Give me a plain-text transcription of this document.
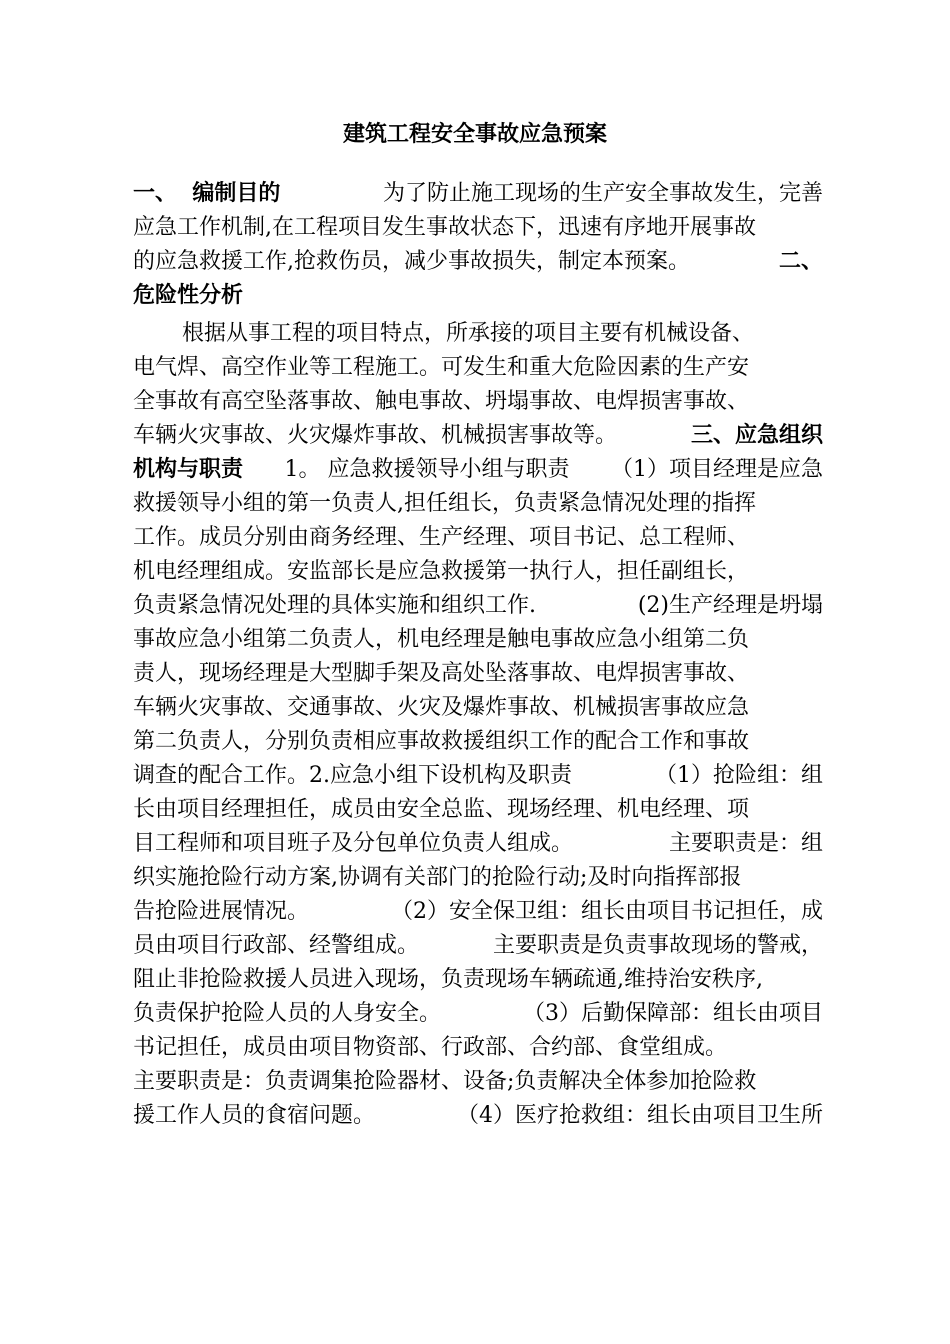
建筑工程安全事故应急预案
一、  编制目的	为了防止施工现场的生产安全事故发生，完善
应急工作机制,在工程项目发生事故状态下，迅速有序地开展事故
的应急救援工作,抢救伤员，减少事故损失，制定本预案。	二、
危险性分析
根据从事工程的项目特点，所承接的项目主要有机械设备、
电气焊、高空作业等工程施工。可发生和重大危险因素的生产安
全事故有高空坠落事故、触电事故、坍塌事故、电焊损害事故、
车辆火灾事故、火灾爆炸事故、机械损害事故等。	三、应急组织
机构与职责 1。 应急救援领导小组与职责 （1）项目经理是应急
救援领导小组的第一负责人,担任组长，负责紧急情况处理的指挥
工作。成员分别由商务经理、生产经理、项目书记、总工程师、
机电经理组成。安监部长是应急救援第一执行人，担任副组长，
负责紧急情况处理的具体实施和组织工作.	(2)生产经理是坍塌
事故应急小组第二负责人，机电经理是触电事故应急小组第二负
责人，现场经理是大型脚手架及高处坠落事故、电焊损害事故、
车辆火灾事故、交通事故、火灾及爆炸事故、机械损害事故应急
第二负责人，分别负责相应事故救援组织工作的配合工作和事故
调查的配合工作。2.应急小组下设机构及职责	（1）抢险组：组
长由项目经理担任，成员由安全总监、现场经理、机电经理、项
目工程师和项目班子及分包单位负责人组成。	主要职责是：组
织实施抢险行动方案,协调有关部门的抢险行动;及时向指挥部报
告抢险进展情况。	（2）安全保卫组：组长由项目书记担任，成
员由项目行政部、经警组成。	主要职责是负责事故现场的警戒，
阻止非抢险救援人员进入现场，负责现场车辆疏通,维持治安秩序,
负责保护抢险人员的人身安全。	（3）后勤保障部：组长由项目
书记担任，成员由项目物资部、行政部、合约部、食堂组成。
主要职责是：负责调集抢险器材、设备;负责解决全体参加抢险救
援工作人员的食宿问题。	（4）医疗抢救组：组长由项目卫生所
